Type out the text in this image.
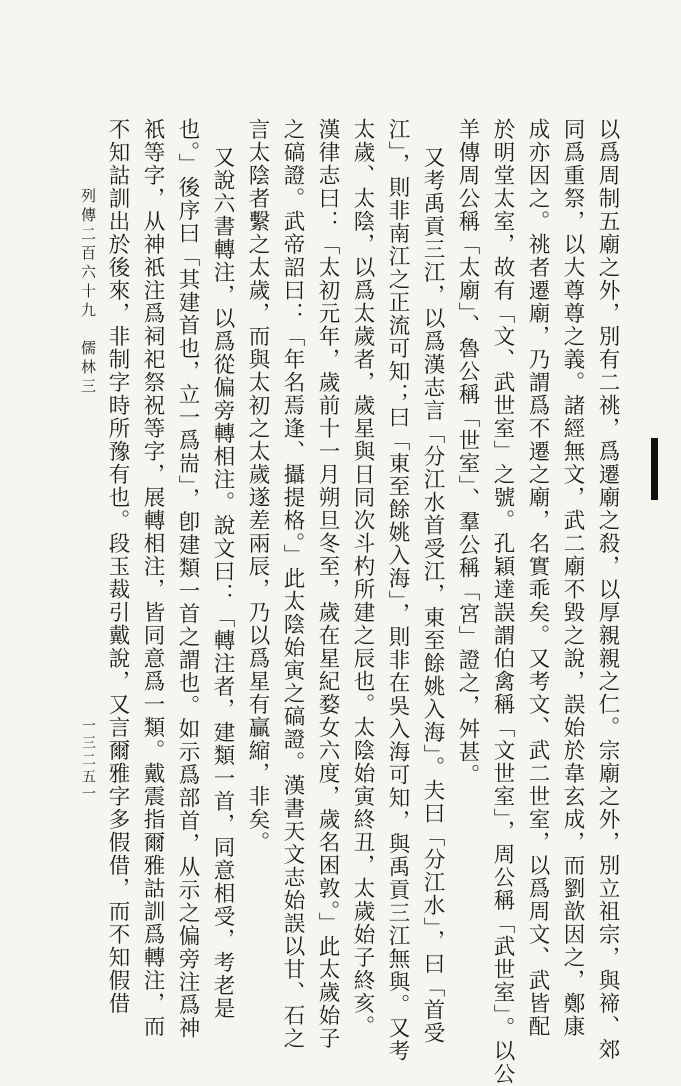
以爲周制五廟之外，別有二祧，爲遷廟之殺，以厚親親之仁。宗廟之外，別立祖宗，與禘、郊
同爲重祭，以大尊尊之義。諸經無文，武二廟不毀之說，誤始於韋玄成，而劉歆因之，鄭康
成亦因之。祧者遷廟，乃謂爲不遷之廟，名實乖矣。又考文、武二世室，以爲周文、武皆配
於明堂太室，故有「文、武世室」之號。孔穎達誤謂伯禽稱「文世室」，周公稱「武世室」。以公
羊傳周公稱「太廟」、魯公稱「世室」、羣公稱「宮」證之，舛甚。
又考禹貢三江，以爲漢志言「分江水首受江，東至餘姚入海」。夫曰「分江水」，曰「首受
江」，則非南江之正流可知；曰「東至餘姚入海」，則非在吳入海可知，與禹貢三江無與。又考
太歲、太陰，以爲太歲者，歲星與日同次斗杓所建之辰也。太陰始寅終丑，太歲始子終亥。
漢律志曰：「太初元年，歲前十一月朔旦冬至，歲在星紀婺女六度，歲名困敦。」此太歲始子
之碻證。武帝詔曰：「年名焉逢、攝提格。」此太陰始寅之碻證。漢書天文志始誤以甘、石之
言太陰者繫之太歲，而與太初之太歲遂差兩辰，乃以爲星有贏縮，非矣。
又說六書轉注，以爲從偏旁轉相注。說文曰：「轉注者，建類一首，同意相受，考老是
也。」後序曰「其建首也，立一爲耑」，卽建類一首之謂也。如示爲部首，从示之偏旁注爲神
祇等字，从神祇注爲祠祀祭祝等字，展轉相注，皆同意爲一類。戴震指爾雅詁訓爲轉注，而
不知詁訓出於後來，非制字時所豫有也。段玉裁引戴說，又言爾雅字多假借，而不知假借
列傳二百六十九　儒林三
一三二五一
